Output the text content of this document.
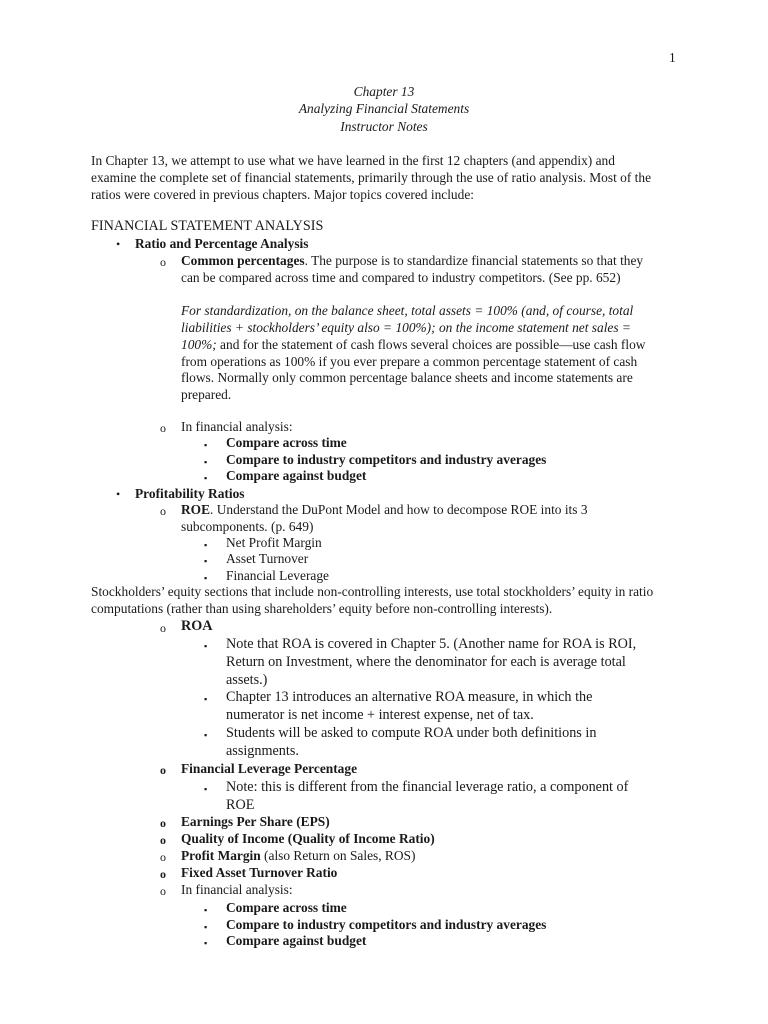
1
Chapter 13
Analyzing Financial Statements
Instructor Notes
In Chapter 13, we attempt to use what we have learned in the first 12 chapters (and appendix) and
examine the complete set of financial statements, primarily through the use of ratio analysis. Most of the
ratios were covered in previous chapters. Major topics covered include:
FINANCIAL STATEMENT ANALYSIS
• Ratio and Percentage Analysis
o Common percentages. The purpose is to standardize financial statements so that they
can be compared across time and compared to industry competitors. (See pp. 652)
For standardization, on the balance sheet, total assets = 100% (and, of course, total
liabilities + stockholders’ equity also = 100%); on the income statement net sales =
100%; and for the statement of cash flows several choices are possible—use cash flow
from operations as 100% if you ever prepare a common percentage statement of cash
flows. Normally only common percentage balance sheets and income statements are
prepared.
o In financial analysis:
▪ Compare across time
▪ Compare to industry competitors and industry averages
▪ Compare against budget
• Profitability Ratios
o ROE. Understand the DuPont Model and how to decompose ROE into its 3
subcomponents. (p. 649)
▪ Net Profit Margin
▪ Asset Turnover
▪ Financial Leverage
Stockholders’ equity sections that include non-controlling interests, use total stockholders’ equity in ratio
computations (rather than using shareholders’ equity before non-controlling interests).
o ROA
▪ Note that ROA is covered in Chapter 5. (Another name for ROA is ROI,
Return on Investment, where the denominator for each is average total
assets.)
▪ Chapter 13 introduces an alternative ROA measure, in which the
numerator is net income + interest expense, net of tax.
▪ Students will be asked to compute ROA under both definitions in
assignments.
o Financial Leverage Percentage
▪ Note: this is different from the financial leverage ratio, a component of
ROE
o Earnings Per Share (EPS)
o Quality of Income (Quality of Income Ratio)
o Profit Margin (also Return on Sales, ROS)
o Fixed Asset Turnover Ratio
o In financial analysis:
▪ Compare across time
▪ Compare to industry competitors and industry averages
▪ Compare against budget
